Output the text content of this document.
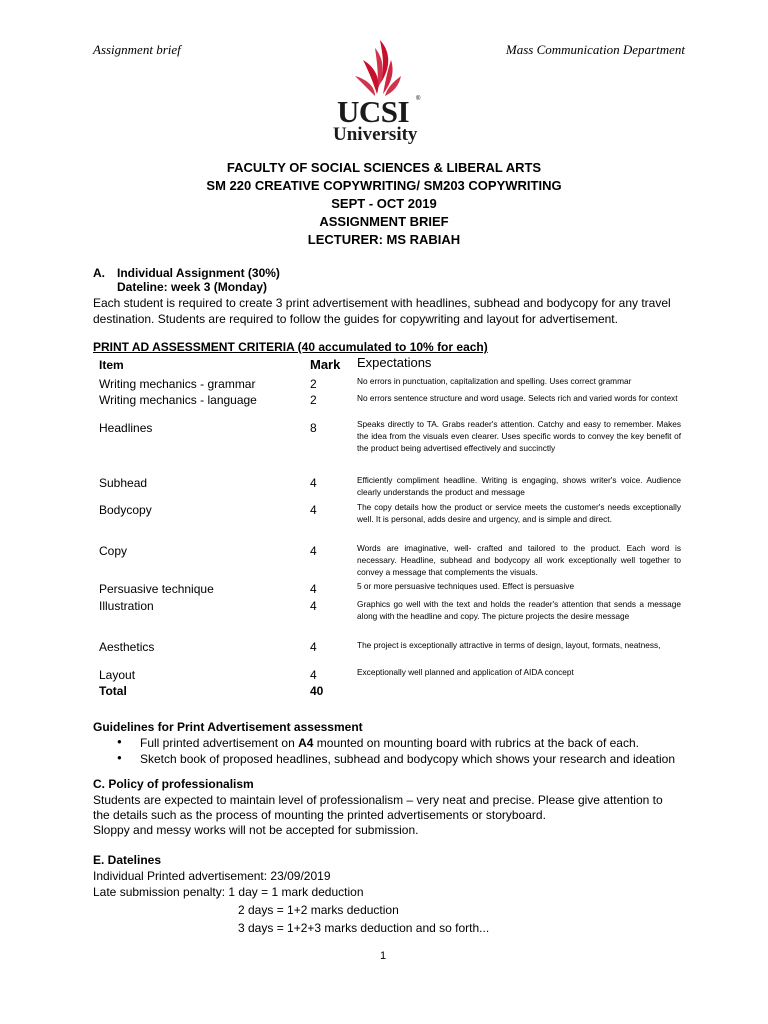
Assignment brief	Mass Communication Department
UCSI ®
University
FACULTY OF SOCIAL SCIENCES & LIBERAL ARTS
SM 220 CREATIVE COPYWRITING/ SM203 COPYWRITING
SEPT - OCT 2019
ASSIGNMENT BRIEF
LECTURER: MS RABIAH
A. Individual Assignment (30%)
Dateline: week 3 (Monday)
Each student is required to create 3 print advertisement with headlines, subhead and bodycopy for any travel
destination. Students are required to follow the guides for copywriting and layout for advertisement.
PRINT AD ASSESSMENT CRITERIA (40 accumulated to 10% for each)
Item	Mark Expectations
Writing mechanics - grammar	2	No errors in punctuation, capitalization and spelling. Uses correct grammar
Writing mechanics - language	2	No errors sentence structure and word usage. Selects rich and varied words for context
Headlines	8	Speaks directly to TA. Grabs reader's attention. Catchy and easy to remember. Makes the idea from the visuals even clearer. Uses specific words to convey the key benefit of the product being advertised effectively and succinctly
Subhead	4	Efficiently compliment headline. Writing is engaging, shows writer's voice. Audience clearly understands the product and message
Bodycopy	4	The copy details how the product or service meets the customer's needs exceptionally well. It is personal, adds desire and urgency, and is simple and direct.
Copy	4	Words are imaginative, well- crafted and tailored to the product. Each word is necessary. Headline, subhead and bodycopy all work exceptionally well together to convey a message that complements the visuals.
Persuasive technique	4	5 or more persuasive techniques used. Effect is persuasive
Illustration	4	Graphics go well with the text and holds the reader's attention that sends a message along with the headline and copy. The picture projects the desire message
Aesthetics	4	The project is exceptionally attractive in terms of design, layout, formats, neatness,
Layout	4	Exceptionally well planned and application of AIDA concept
Total	40
Guidelines for Print Advertisement assessment
● Full printed advertisement on A4 mounted on mounting board with rubrics at the back of each.
● Sketch book of proposed headlines, subhead and bodycopy which shows your research and ideation
C. Policy of professionalism
Students are expected to maintain level of professionalism – very neat and precise. Please give attention to
the details such as the process of mounting the printed advertisements or storyboard.
Sloppy and messy works will not be accepted for submission.
E. Datelines
Individual Printed advertisement: 23/09/2019
Late submission penalty: 1 day = 1 mark deduction
2 days = 1+2 marks deduction
3 days = 1+2+3 marks deduction and so forth...
1
